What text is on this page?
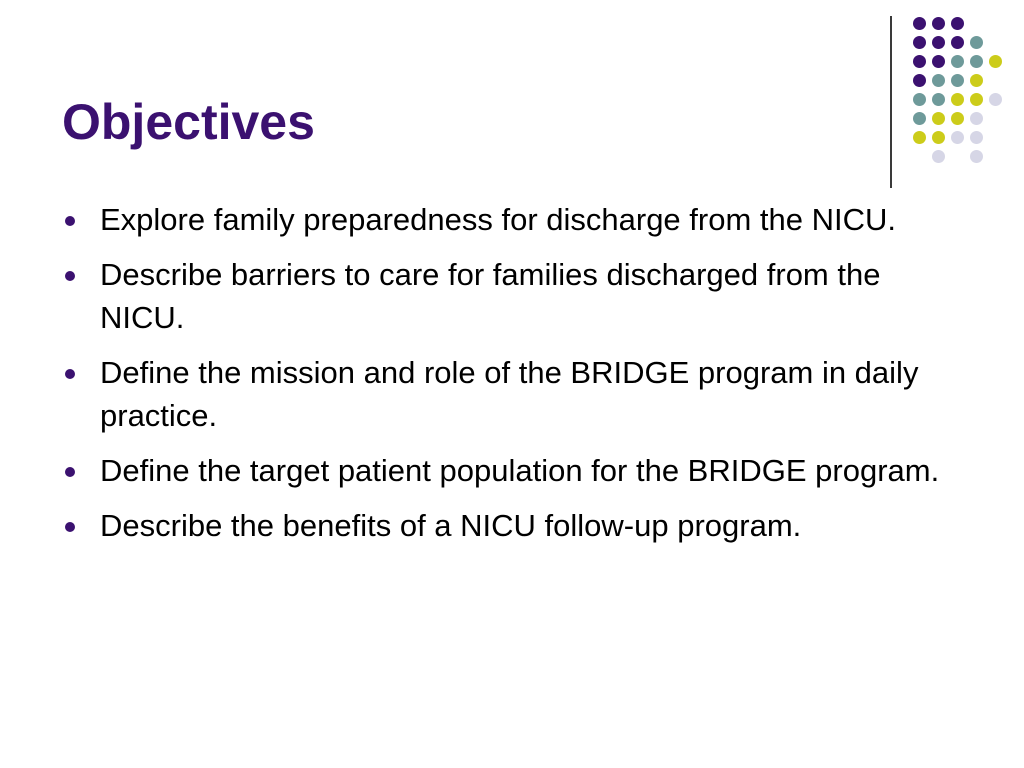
Objectives
Explore family preparedness for discharge from the NICU.
Describe barriers to care for families discharged from the NICU.
Define the mission and role of the BRIDGE program in daily practice.
Define the target patient population for the BRIDGE program.
Describe the benefits of a NICU follow-up program.
